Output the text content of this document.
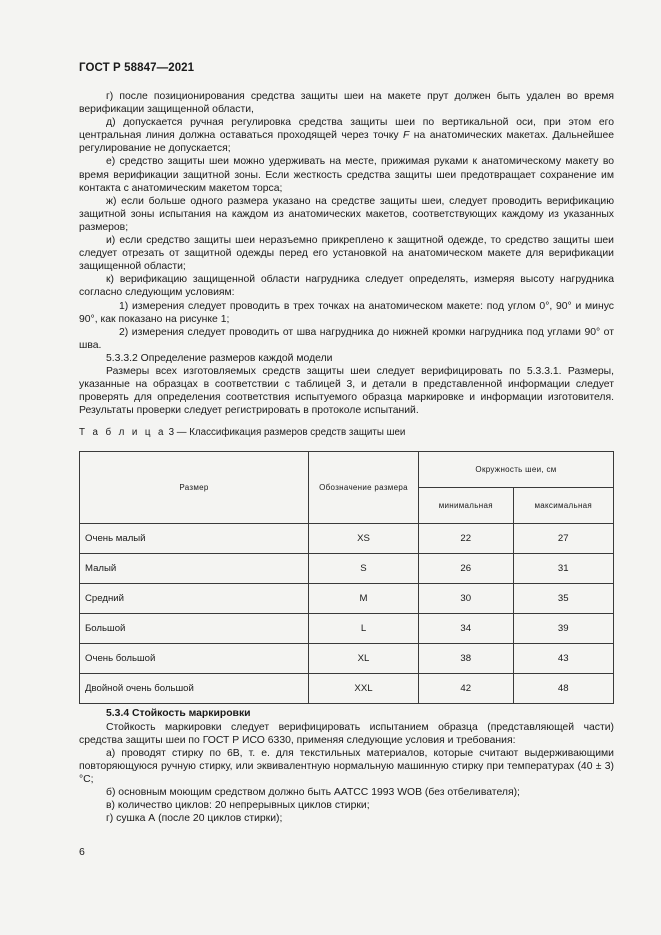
ГОСТ Р 58847—2021

г) после позиционирования средства защиты шеи на макете прут должен быть удален во время верификации защищенной области,

д) допускается ручная регулировка средства защиты шеи по вертикальной оси, при этом его центральная линия должна оставаться проходящей через точку F на анатомических макетах. Дальнейшее регулирование не допускается;

е) средство защиты шеи можно удерживать на месте, прижимая руками к анатомическому макету во время верификации защитной зоны. Если жесткость средства защиты шеи предотвращает сохранение им контакта с анатомическим макетом торса;

ж) если больше одного размера указано на средстве защиты шеи, следует проводить верификацию защитной зоны испытания на каждом из анатомических макетов, соответствующих каждому из указанных размеров;

и) если средство защиты шеи неразъемно прикреплено к защитной одежде, то средство защиты шеи следует отрезать от защитной одежды перед его установкой на анатомическом макете для верификации защищенной области;

к) верификацию защищенной области нагрудника следует определять, измеряя высоту нагрудника согласно следующим условиям:

1) измерения следует проводить в трех точках на анатомическом макете: под углом 0°, 90° и минус 90°, как показано на рисунке 1;

2) измерения следует проводить от шва нагрудника до нижней кромки нагрудника под углами 90° от шва.

5.3.3.2 Определение размеров каждой модели

Размеры всех изготовляемых средств защиты шеи следует верифицировать по 5.3.3.1. Размеры, указанные на образцах в соответствии с таблицей 3, и детали в представленной информации следует проверять для определения соответствия испытуемого образца маркировке и информации изготовителя. Результаты проверки следует регистрировать в протоколе испытаний.

Т а б л и ц а 3 — Классификация размеров средств защиты шеи
Размер	Обозначение размера	Окружность шеи, см	
		минимальная	максимальная
Очень малый	XS	22	27
Малый	S	26	31
Средний	M	30	35
Большой	L	34	39
Очень большой	XL	38	43
Двойной очень большой	XXL	42	48

5.3.4 Стойкость маркировки

Стойкость маркировки следует верифицировать испытанием образца (представляющей части) средства защиты шеи по ГОСТ Р ИСО 6330, применяя следующие условия и требования:

а) проводят стирку по 6В, т. е. для текстильных материалов, которые считают выдерживающими повторяющуюся ручную стирку, или эквивалентную нормальную машинную стирку при температурах (40 ± 3) °С;

б) основным моющим средством должно быть ААТСС 1993 WOB (без отбеливателя);

в) количество циклов: 20 непрерывных циклов стирки;

г) сушка А (после 20 циклов стирки);

6
